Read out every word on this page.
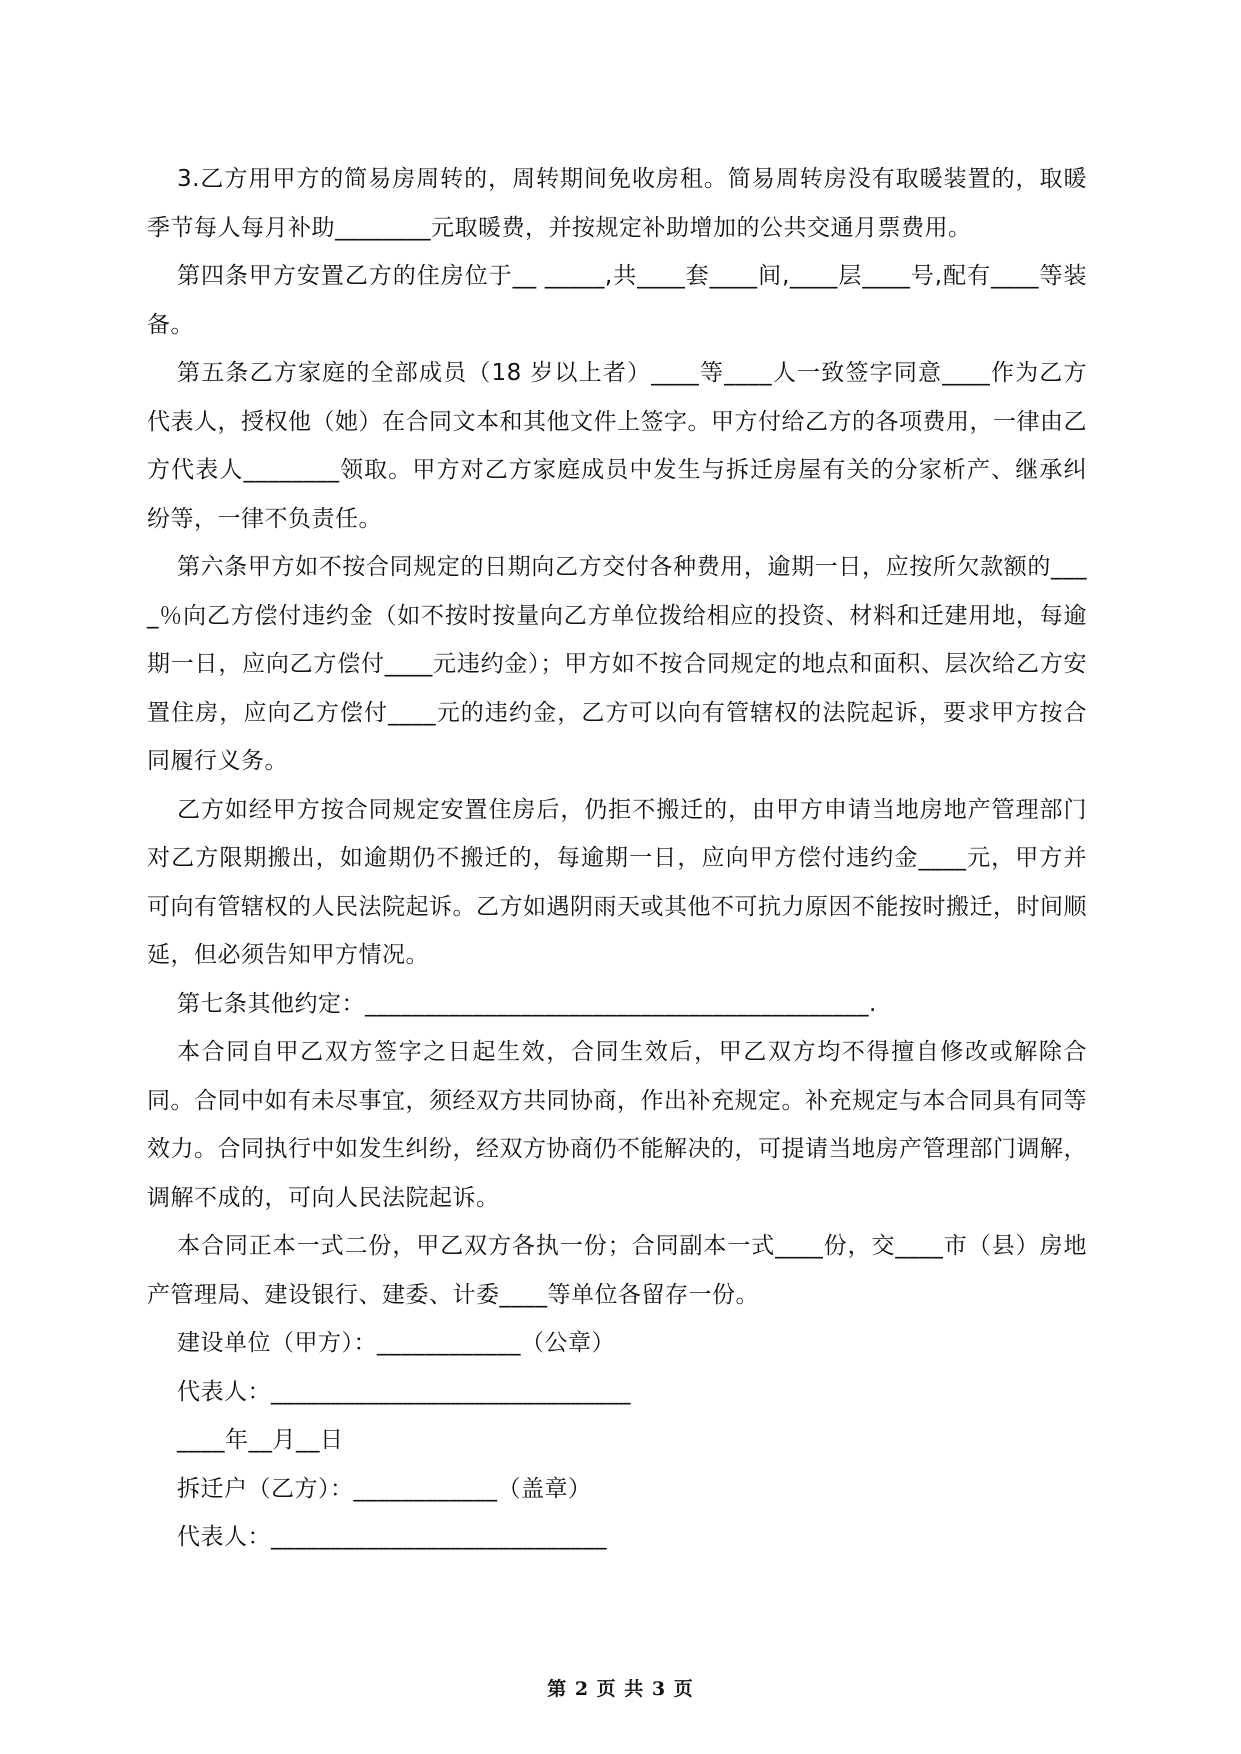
3.乙方用甲方的简易房周转的，周转期间免收房租。简易周转房没有取暖装置的，取暖季节每人每月补助________元取暖费，并按规定补助增加的公共交通月票费用。

第四条甲方安置乙方的住房位于__ _____,共____套____间,____层____号,配有____等装备。

第五条乙方家庭的全部成员（18 岁以上者）____等____人一致签字同意____作为乙方代表人，授权他（她）在合同文本和其他文件上签字。甲方付给乙方的各项费用，一律由乙方代表人________领取。甲方对乙方家庭成员中发生与拆迁房屋有关的分家析产、继承纠纷等，一律不负责任。

第六条甲方如不按合同规定的日期向乙方交付各种费用，逾期一日，应按所欠款额的____％向乙方偿付违约金（如不按时按量向乙方单位拨给相应的投资、材料和迁建用地，每逾期一日，应向乙方偿付____元违约金）；甲方如不按合同规定的地点和面积、层次给乙方安置住房，应向乙方偿付____元的违约金，乙方可以向有管辖权的法院起诉，要求甲方按合同履行义务。

乙方如经甲方按合同规定安置住房后，仍拒不搬迁的，由甲方申请当地房地产管理部门对乙方限期搬出，如逾期仍不搬迁的，每逾期一日，应向甲方偿付违约金____元，甲方并可向有管辖权的人民法院起诉。乙方如遇阴雨天或其他不可抗力原因不能按时搬迁，时间顺延，但必须告知甲方情况。

第七条其他约定：__________________________________________.

本合同自甲乙双方签字之日起生效，合同生效后，甲乙双方均不得擅自修改或解除合同。合同中如有未尽事宜，须经双方共同协商，作出补充规定。补充规定与本合同具有同等效力。合同执行中如发生纠纷，经双方协商仍不能解决的，可提请当地房产管理部门调解，调解不成的，可向人民法院起诉。

本合同正本一式二份，甲乙双方各执一份；合同副本一式____份，交____市（县）房地产管理局、建设银行、建委、计委____等单位各留存一份。

建设单位（甲方）：____________（公章）

代表人：______________________________

____年__月__日

拆迁户（乙方）：____________（盖章）

代表人：____________________________

第 2 页 共 3 页
